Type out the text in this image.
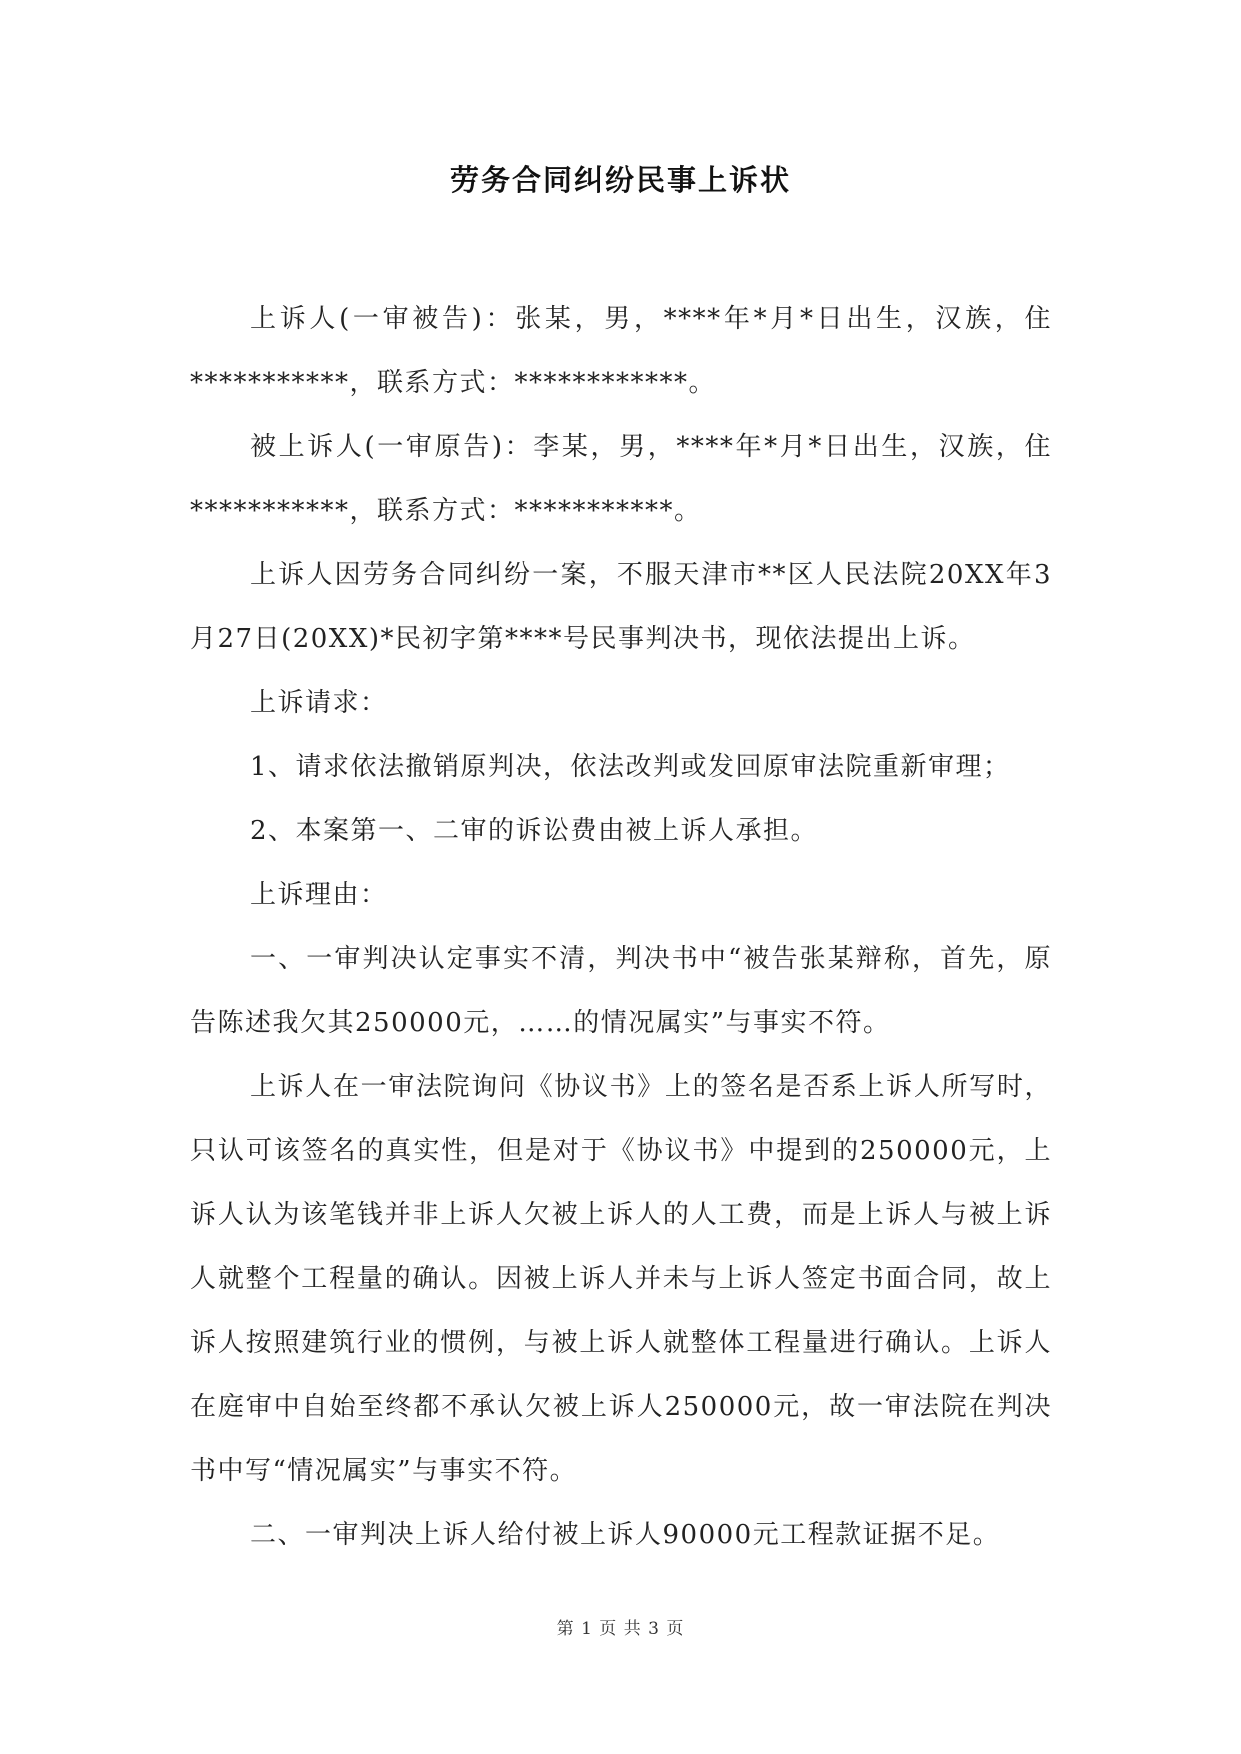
劳务合同纠纷民事上诉状

上诉人(一审被告)：张某，男，****年*月*日出生，汉族，住***********，联系方式：************。

被上诉人(一审原告)：李某，男，****年*月*日出生，汉族，住***********，联系方式：***********。

上诉人因劳务合同纠纷一案，不服天津市**区人民法院20XX年3月27日(20XX)*民初字第****号民事判决书，现依法提出上诉。

上诉请求：

1、请求依法撤销原判决，依法改判或发回原审法院重新审理；

2、本案第一、二审的诉讼费由被上诉人承担。

上诉理由：

一、一审判决认定事实不清，判决书中“被告张某辩称，首先，原告陈述我欠其250000元，……的情况属实”与事实不符。

上诉人在一审法院询问《协议书》上的签名是否系上诉人所写时，只认可该签名的真实性，但是对于《协议书》中提到的250000元，上诉人认为该笔钱并非上诉人欠被上诉人的人工费，而是上诉人与被上诉人就整个工程量的确认。因被上诉人并未与上诉人签定书面合同，故上诉人按照建筑行业的惯例，与被上诉人就整体工程量进行确认。上诉人在庭审中自始至终都不承认欠被上诉人250000元，故一审法院在判决书中写“情况属实”与事实不符。

二、一审判决上诉人给付被上诉人90000元工程款证据不足。

第 1 页 共 3 页
